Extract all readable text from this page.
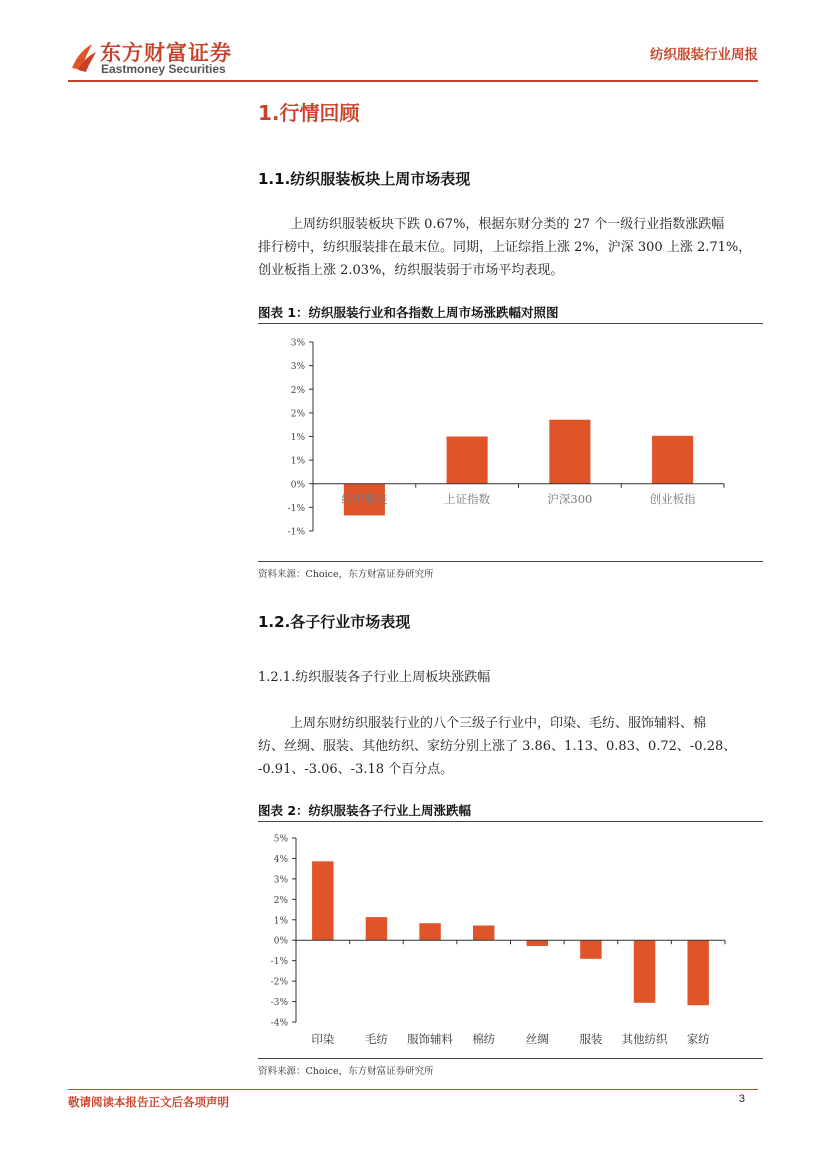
东方财富证券
Eastmoney Securities
纺织服装行业周报
1.行情回顾
1.1.纺织服装板块上周市场表现
上周纺织服装板块下跌 0.67%，根据东财分类的 27 个一级行业指数涨跌幅
排行榜中，纺织服装排在最末位。同期，上证综指上涨 2%，沪深 300 上涨 2.71%，
创业板指上涨 2.03%，纺织服装弱于市场平均表现。
图表 1：纺织服装行业和各指数上周市场涨跌幅对照图
3%
3%
2%
2%
1%
1%
0%
-1%
-1%
纺织服装	上证指数	沪深300	创业板指
资料来源：Choice，东方财富证券研究所
1.2.各子行业市场表现
1.2.1.纺织服装各子行业上周板块涨跌幅
上周东财纺织服装行业的八个三级子行业中，印染、毛纺、服饰辅料、棉
纺、丝绸、服装、其他纺织、家纺分别上涨了 3.86、1.13、0.83、0.72、-0.28、
-0.91、-3.06、-3.18 个百分点。
图表 2：纺织服装各子行业上周涨跌幅
5%
4%
3%
2%
1%
0%
-1%
-2%
-3%
-4%
印染	毛纺 服饰辅料 棉纺	丝绸	服装 其他纺织 家纺
资料来源：Choice，东方财富证券研究所
敬请阅读本报告正文后各项声明	3
